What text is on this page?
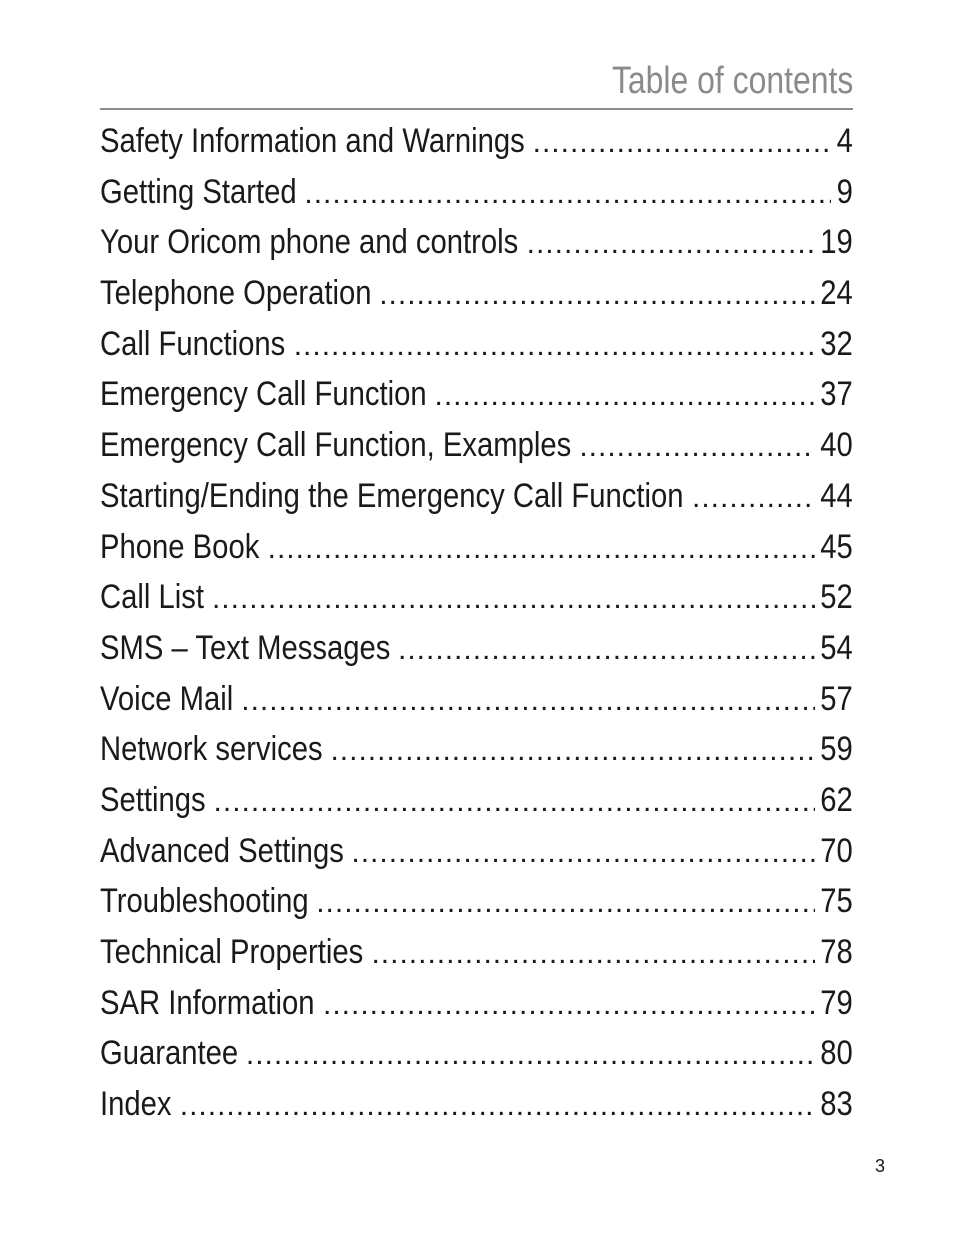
Table of contents
Safety Information and Warnings .....	4
Getting Started .....	9
Your Oricom phone and controls .....	19
Telephone Operation .....	24
Call Functions .....	32
Emergency Call Function .....	37
Emergency Call Function, Examples .....	40
Starting/Ending the Emergency Call Function .....	44
Phone Book .....	45
Call List .....	52
SMS – Text Messages .....	54
Voice Mail .....	57
Network services .....	59
Settings .....	62
Advanced Settings .....	70
Troubleshooting .....	75
Technical Properties .....	78
SAR Information .....	79
Guarantee .....	80
Index .....	83
3
